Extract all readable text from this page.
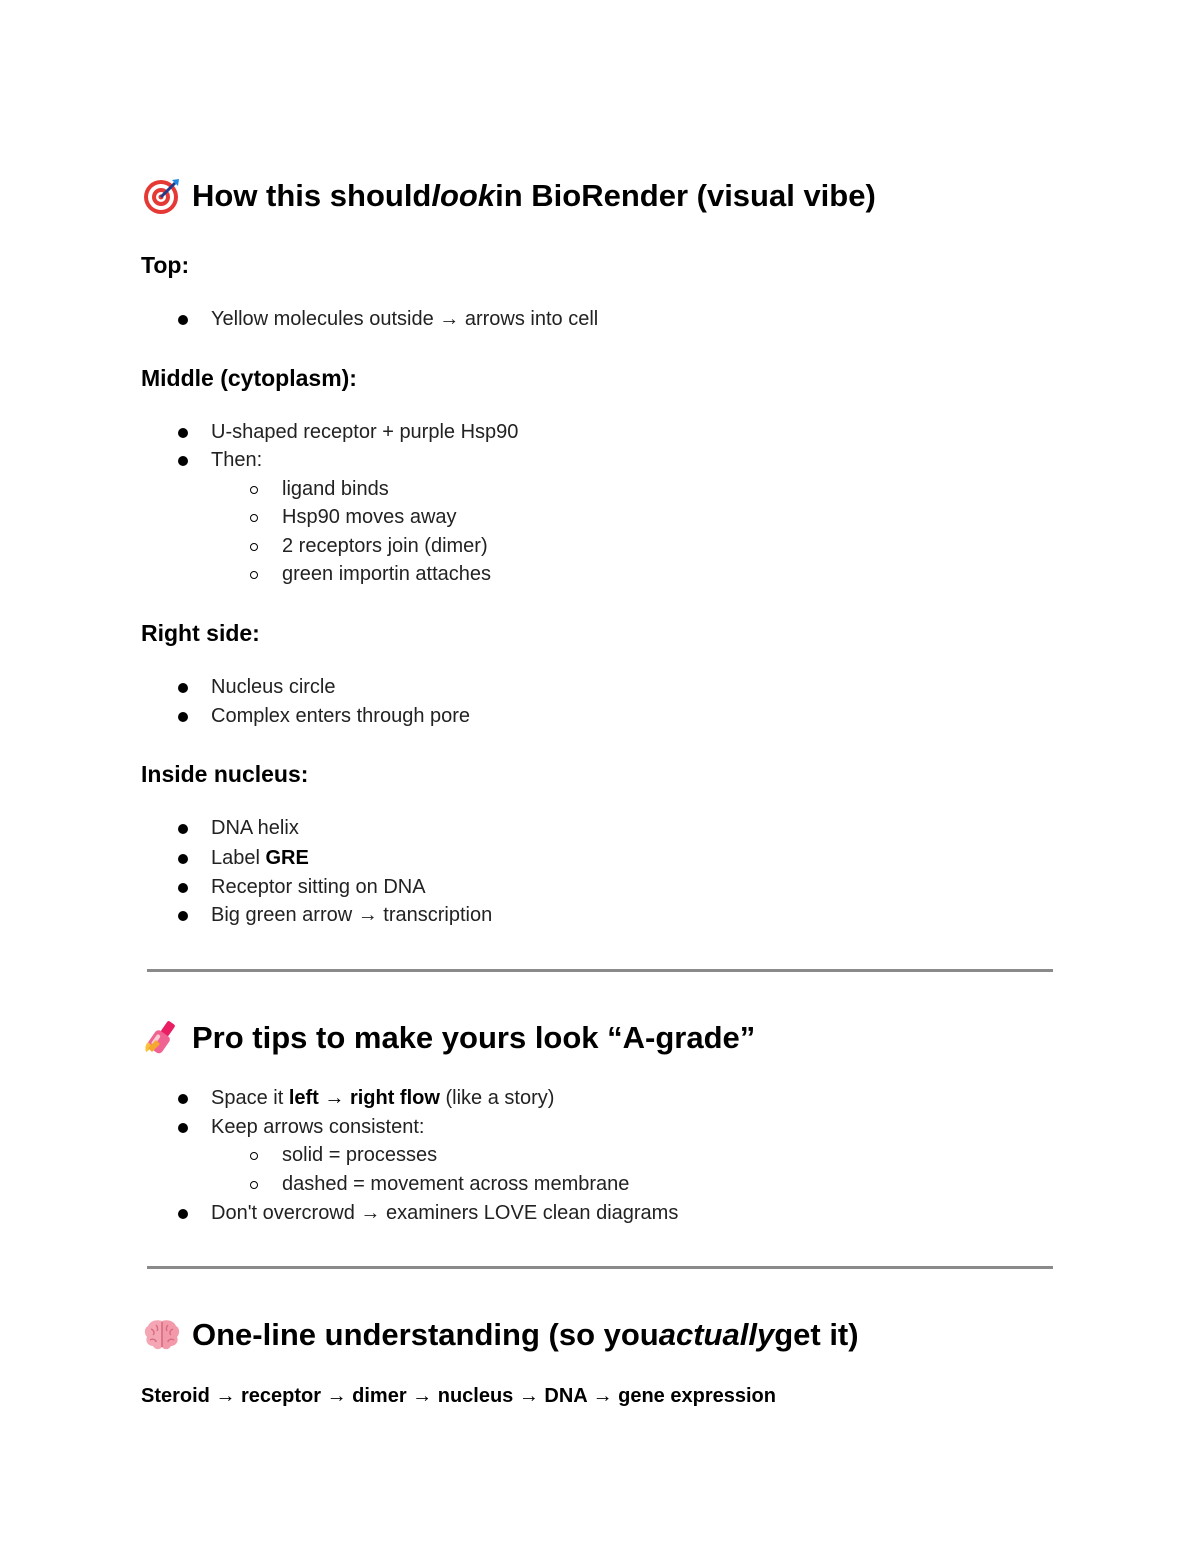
How this should look in BioRender (visual vibe)
Top:
Yellow molecules outside → arrows into cell
Middle (cytoplasm):
U-shaped receptor + purple Hsp90
Then:
ligand binds
Hsp90 moves away
2 receptors join (dimer)
green importin attaches
Right side:
Nucleus circle
Complex enters through pore
Inside nucleus:
DNA helix
Label GRE
Receptor sitting on DNA
Big green arrow → transcription
Pro tips to make yours look “A-grade”
Space it left → right flow (like a story)
Keep arrows consistent:
solid = processes
dashed = movement across membrane
Don't overcrowd → examiners LOVE clean diagrams
One-line understanding (so you actually get it)
Steroid → receptor → dimer → nucleus → DNA → gene expression
